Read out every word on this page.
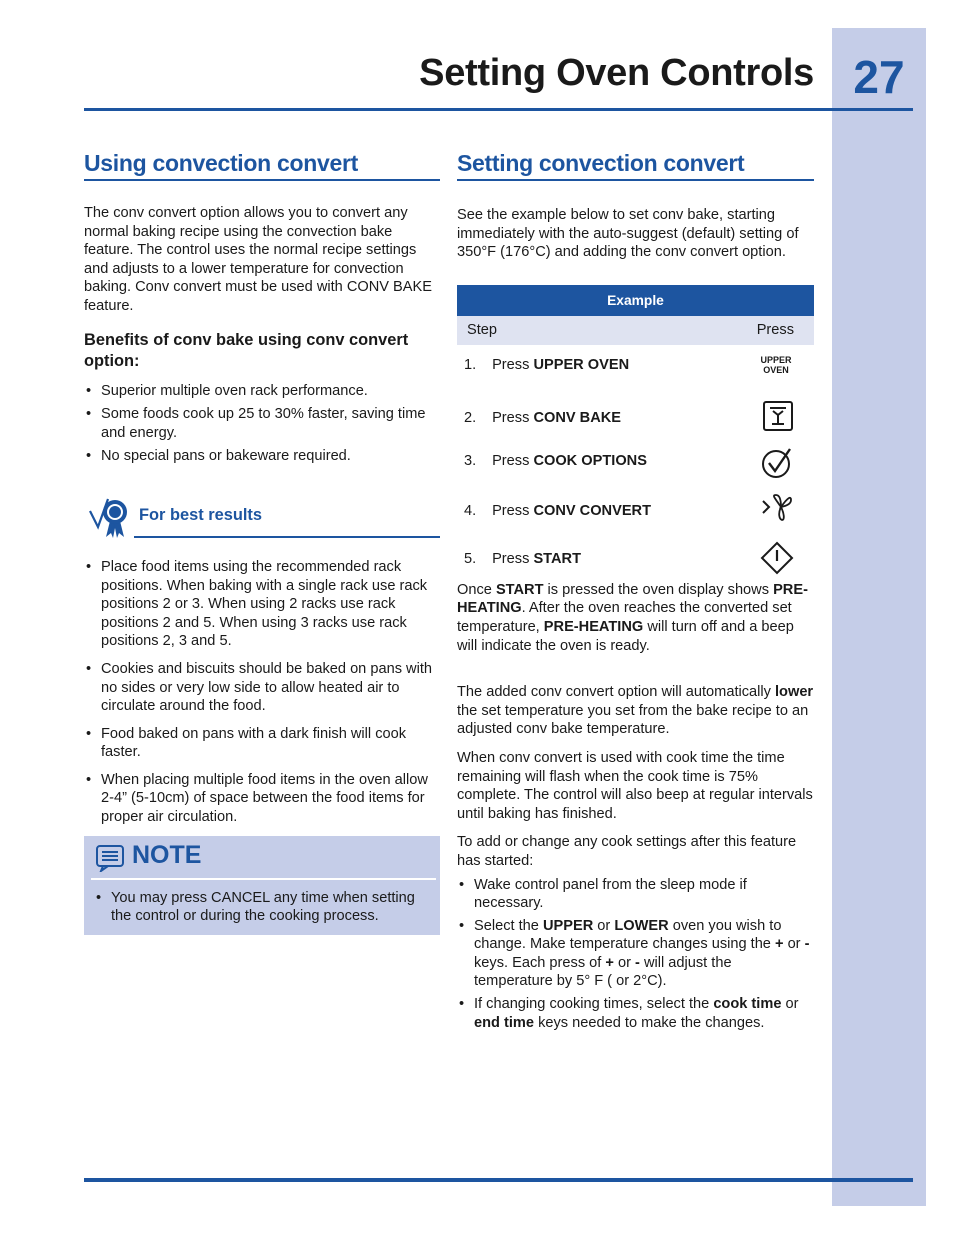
27
Setting Oven Controls
Using convection convert

The conv convert option allows you to convert any normal baking recipe using the convection bake feature. The control uses the normal recipe settings and adjusts to a lower temperature for convection baking. Conv convert must be used with CONV BAKE feature.

Benefits of conv bake using conv convert option:
• Superior multiple oven rack performance.
• Some foods cook up 25 to 30% faster, saving time and energy.
• No special pans or bakeware required.
For best results
• Place food items using the recommended rack positions. When baking with a single rack use rack positions 2 or 3. When using 2 racks use rack positions 2 and 5. When using 3 racks use rack positions 2, 3 and 5.
• Cookies and biscuits should be baked on pans with no sides or very low side to allow heated air to circulate around the food.
• Food baked on pans with a dark finish will cook faster.
• When placing multiple food items in the oven allow 2-4” (5-10cm) of space between the food items for proper air circulation.
NOTE
• You may press CANCEL any time when setting the control or during the cooking process.
Setting convection convert

See the example below to set conv bake, starting immediately with the auto-suggest (default) setting of 350°F (176°C) and adding the conv convert option.

Example
Step	Press
1. Press UPPER OVEN	UPPER
OVEN
2. Press CONV BAKE
3. Press COOK OPTIONS
4. Press CONV CONVERT
5. Press START

Once START is pressed the oven display shows PRE-HEATING. After the oven reaches the converted set temperature, PRE-HEATING will turn off and a beep will indicate the oven is ready.

The added conv convert option will automatically lower the set temperature you set from the bake recipe to an adjusted conv bake temperature.

When conv convert is used with cook time the time remaining will flash when the cook time is 75% complete. The control will also beep at regular intervals until baking has finished.

To add or change any cook settings after this feature has started:

• Wake control panel from the sleep mode if necessary.
• Select the UPPER or LOWER oven you wish to change. Make temperature changes using the + or - keys. Each press of + or - will adjust the temperature by 5° F ( or 2°C).
• If changing cooking times, select the cook time or end time keys needed to make the changes.
